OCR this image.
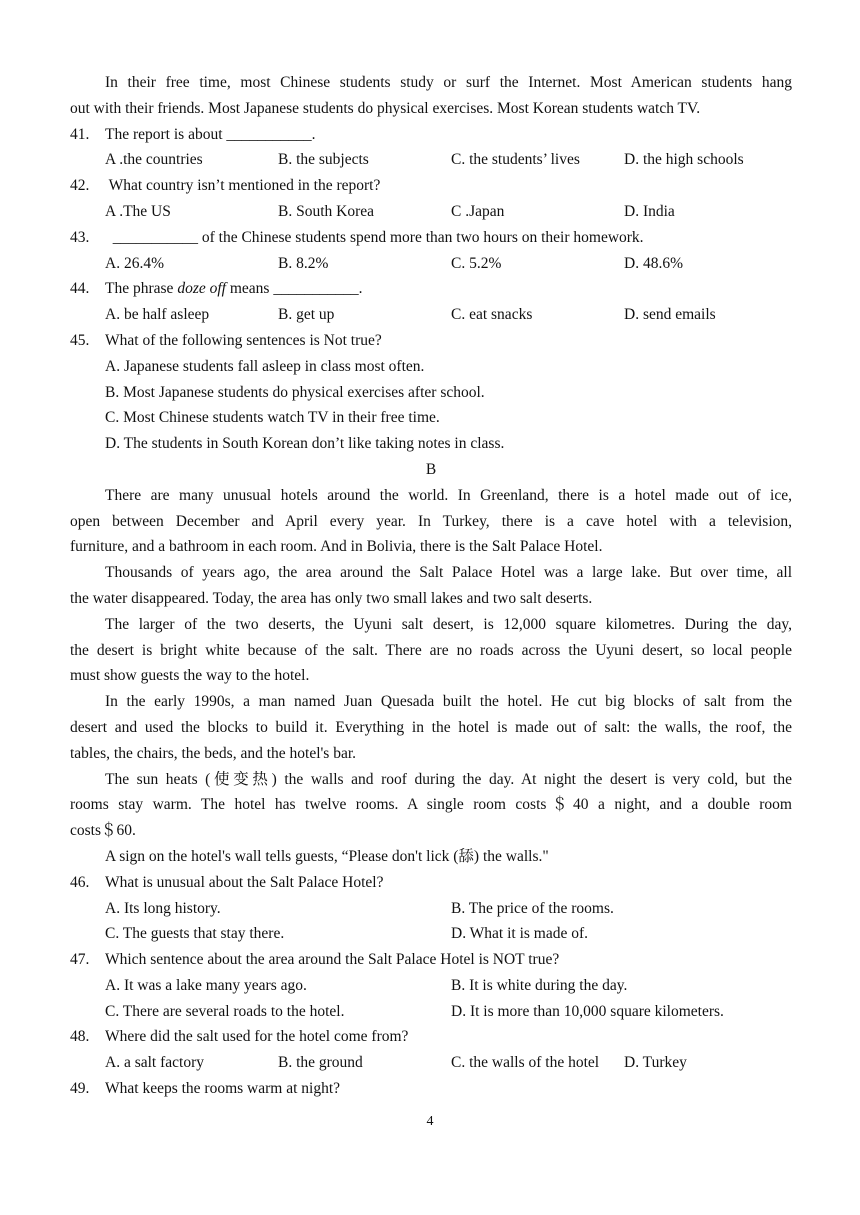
In their free time, most Chinese students study or surf the Internet. Most American students hang
out with their friends. Most Japanese students do physical exercises. Most Korean students watch TV.
41.	The report is about ___________.
A .the countries	B. the subjects	C. the students’ lives	D. the high schools
42.	What country isn’t mentioned in the report?
A .The US	B. South Korea	C .Japan	D. India
43.	___________ of the Chinese students spend more than two hours on their homework.
A. 26.4%	B. 8.2%	C. 5.2%	D. 48.6%
44.	The phrase doze off means ___________.
A. be half asleep	B. get up	C. eat snacks	D. send emails
45.	What of the following sentences is Not true?
A. Japanese students fall asleep in class most often.
B. Most Japanese students do physical exercises after school.
C. Most Chinese students watch TV in their free time.
D. The students in South Korean don’t like taking notes in class.
B
There are many unusual hotels around the world. In Greenland, there is a hotel made out of ice,
open between December and April every year. In Turkey, there is a cave hotel with a television,
furniture, and a bathroom in each room. And in Bolivia, there is the Salt Palace Hotel.
Thousands of years ago, the area around the Salt Palace Hotel was a large lake. But over time, all
the water disappeared. Today, the area has only two small lakes and two salt deserts.
The larger of the two deserts, the Uyuni salt desert, is 12,000 square kilometres. During the day,
the desert is bright white because of the salt. There are no roads across the Uyuni desert, so local people
must show guests the way to the hotel.
In the early 1990s, a man named Juan Quesada built the hotel. He cut big blocks of salt from the
desert and used the blocks to build it. Everything in the hotel is made out of salt: the walls, the roof, the
tables, the chairs, the beds, and the hotel's bar.
The sun heats (使变热) the walls and roof during the day. At night the desert is very cold, but the
rooms stay warm. The hotel has twelve rooms. A single room costs＄40 a night, and a double room
costs＄60.
A sign on the hotel's wall tells guests, “Please don't lick (舔) the walls."
46.	What is unusual about the Salt Palace Hotel?
A. Its long history.	B. The price of the rooms.
C. The guests that stay there.	D. What it is made of.
47.	Which sentence about the area around the Salt Palace Hotel is NOT true?
A. It was a lake many years ago.	B. It is white during the day.
C. There are several roads to the hotel.	D. It is more than 10,000 square kilometers.
48.	Where did the salt used for the hotel come from?
A. a salt factory	B. the ground	C. the walls of the hotel	D. Turkey
49.	What keeps the rooms warm at night?
4
